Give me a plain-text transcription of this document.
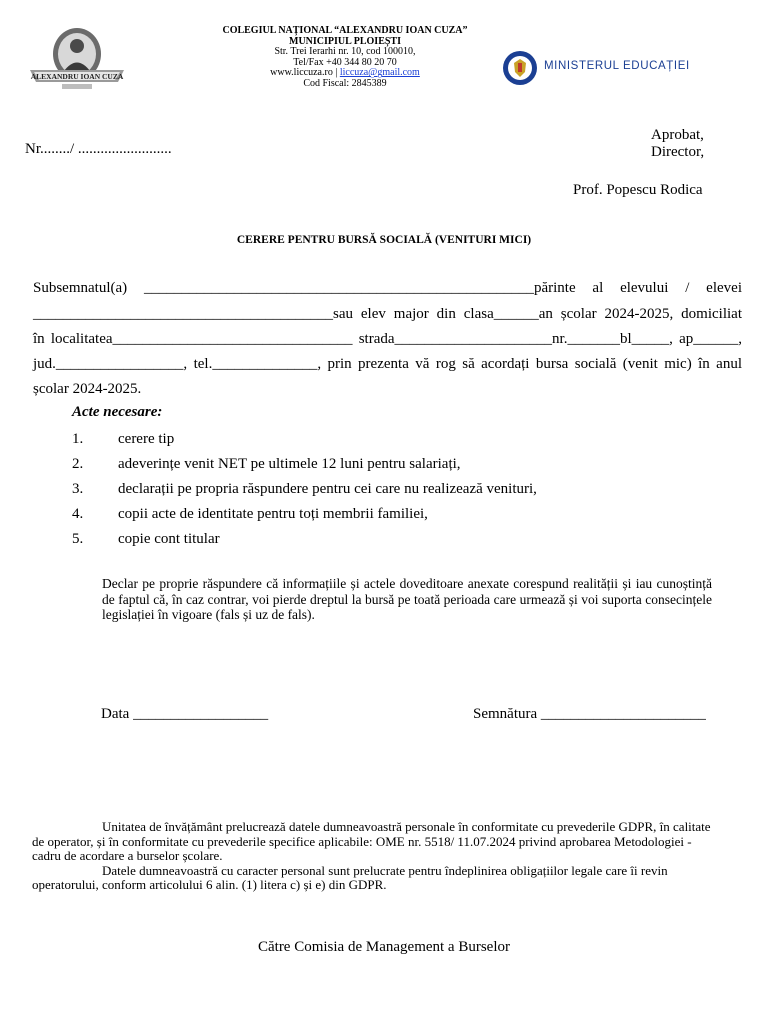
ALEXANDRU IOAN CUZA
COLEGIUL NAȚIONAL “ALEXANDRU IOAN CUZA”
MUNICIPIUL PLOIEȘTI
Str. Trei Ierarhi nr. 10, cod 100010,
Tel/Fax +40 344 80 20 70
www.liccuza.ro | liccuza@gmail.com
Cod Fiscal: 2845389
MINISTERUL EDUCAȚIEI
Nr......../ .........................
Aprobat,
Director,
Prof. Popescu Rodica
CERERE PENTRU BURSĂ SOCIALĂ (VENITURI MICI)
Subsemnatul(a) ____________________________________________________părinte al elevului / elevei
________________________________________sau elev major din clasa______an școlar 2024-2025, domiciliat
în localitatea________________________________ strada_____________________nr._______bl_____, ap______,
jud._________________, tel.______________, prin prezenta vă rog să acordați bursa socială (venit mic) în anul
școlar 2024-2025.
Acte necesare:
1. cerere tip
2. adeverințe venit NET pe ultimele 12 luni pentru salariați,
3. declarații pe propria răspundere pentru cei care nu realizează venituri,
4. copii acte de identitate pentru toți membrii familiei,
5. copie cont titular
Declar pe proprie răspundere că informațiile și actele doveditoare anexate corespund realității și iau cunoștință de faptul că, în caz contrar, voi pierde dreptul la bursă pe toată perioada care urmează și voi suporta consecințele legislației în vigoare (fals și uz de fals).
Data __________________	Semnătura ______________________

Unitatea de învățământ prelucrează datele dumneavoastră personale în conformitate cu prevederile GDPR, în calitate de operator, și în conformitate cu prevederile specifice aplicabile: OME nr. 5518/ 11.07.2024 privind aprobarea Metodologiei - cadru de acordare a burselor școlare.

Datele dumneavoastră cu caracter personal sunt prelucrate pentru îndeplinirea obligațiilor legale care îi revin operatorului, conform articolului 6 alin. (1) litera c) și e) din GDPR.

Către Comisia de Management a Burselor
